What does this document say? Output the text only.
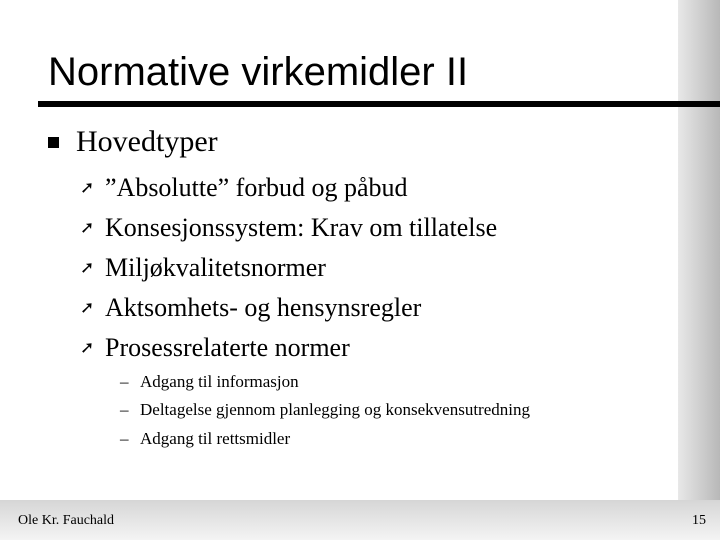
Normative virkemidler II
Hovedtyper
➚ ”Absolutte” forbud og påbud
➚ Konsesjonssystem: Krav om tillatelse
➚ Miljøkvalitetsnormer
➚ Aktsomhets- og hensynsregler
➚ Prosessrelaterte normer
– Adgang til informasjon
– Deltagelse gjennom planlegging og konsekvensutredning
– Adgang til rettsmidler
Ole Kr. Fauchald	15
